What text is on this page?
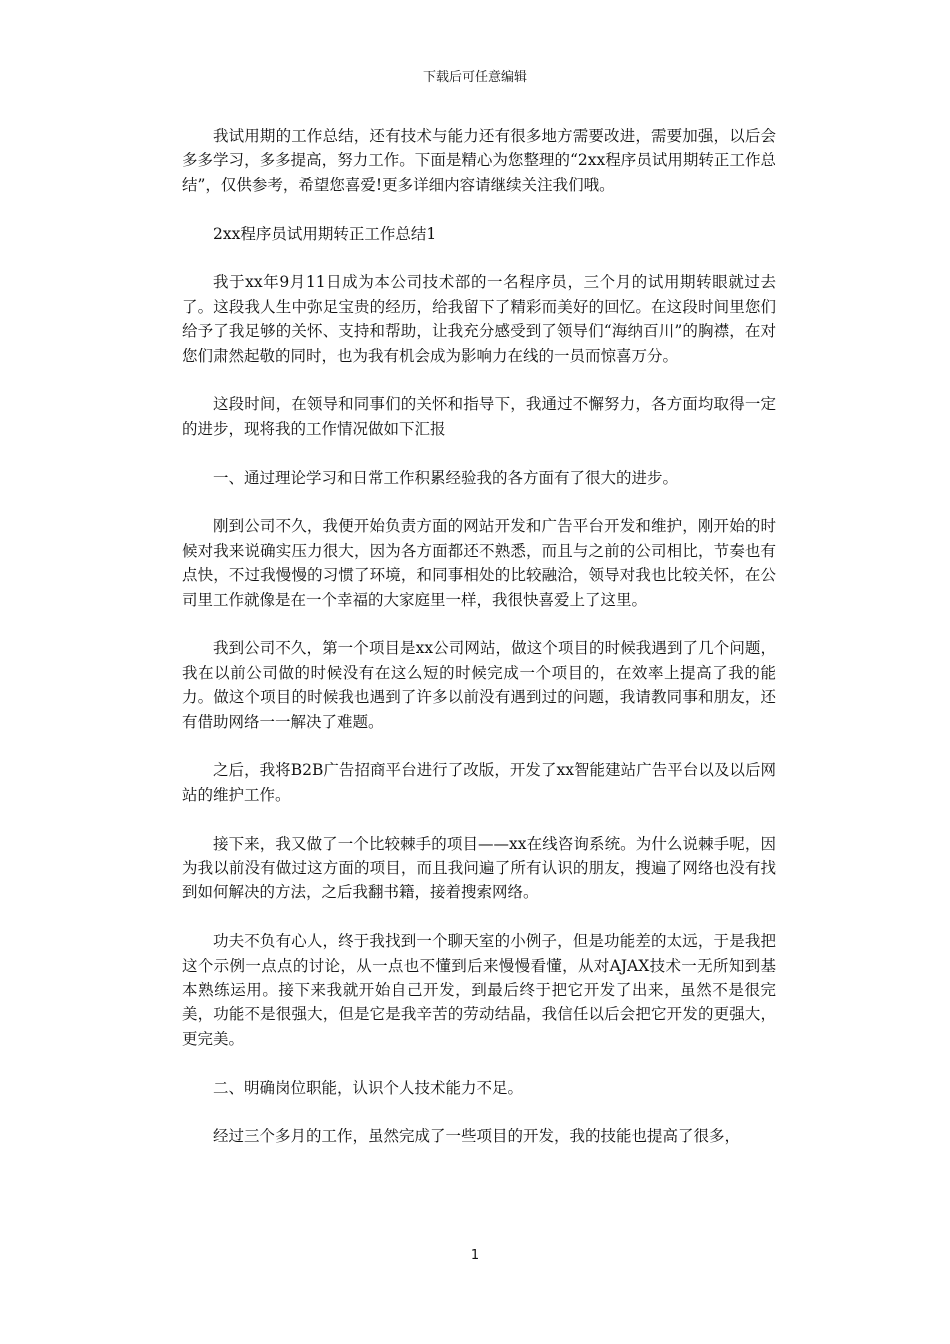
下载后可任意编辑

我试用期的工作总结，还有技术与能力还有很多地方需要改进，需要加强，以后会多多学习，多多提高，努力工作。下面是精心为您整理的“2xx程序员试用期转正工作总结”，仅供参考，希望您喜爱!更多详细内容请继续关注我们哦。

2xx程序员试用期转正工作总结1

我于xx年9月11日成为本公司技术部的一名程序员，三个月的试用期转眼就过去了。这段我人生中弥足宝贵的经历，给我留下了精彩而美好的回忆。在这段时间里您们给予了我足够的关怀、支持和帮助，让我充分感受到了领导们“海纳百川”的胸襟，在对您们肃然起敬的同时，也为我有机会成为影响力在线的一员而惊喜万分。

这段时间，在领导和同事们的关怀和指导下，我通过不懈努力，各方面均取得一定的进步，现将我的工作情况做如下汇报

一、通过理论学习和日常工作积累经验我的各方面有了很大的进步。

刚到公司不久，我便开始负责方面的网站开发和广告平台开发和维护，刚开始的时候对我来说确实压力很大，因为各方面都还不熟悉，而且与之前的公司相比，节奏也有点快，不过我慢慢的习惯了环境，和同事相处的比较融洽，领导对我也比较关怀，在公司里工作就像是在一个幸福的大家庭里一样，我很快喜爱上了这里。

我到公司不久，第一个项目是xx公司网站，做这个项目的时候我遇到了几个问题，我在以前公司做的时候没有在这么短的时候完成一个项目的，在效率上提高了我的能力。做这个项目的时候我也遇到了许多以前没有遇到过的问题，我请教同事和朋友，还有借助网络一一解决了难题。

之后，我将B2B广告招商平台进行了改版，开发了xx智能建站广告平台以及以后网站的维护工作。

接下来，我又做了一个比较棘手的项目——xx在线咨询系统。为什么说棘手呢，因为我以前没有做过这方面的项目，而且我问遍了所有认识的朋友，搜遍了网络也没有找到如何解决的方法，之后我翻书籍，接着搜索网络。

功夫不负有心人，终于我找到一个聊天室的小例子，但是功能差的太远，于是我把这个示例一点点的讨论，从一点也不懂到后来慢慢看懂，从对AJAX技术一无所知到基本熟练运用。接下来我就开始自己开发，到最后终于把它开发了出来，虽然不是很完美，功能不是很强大，但是它是我辛苦的劳动结晶，我信任以后会把它开发的更强大，更完美。

二、明确岗位职能，认识个人技术能力不足。

经过三个多月的工作，虽然完成了一些项目的开发，我的技能也提高了很多，

1
